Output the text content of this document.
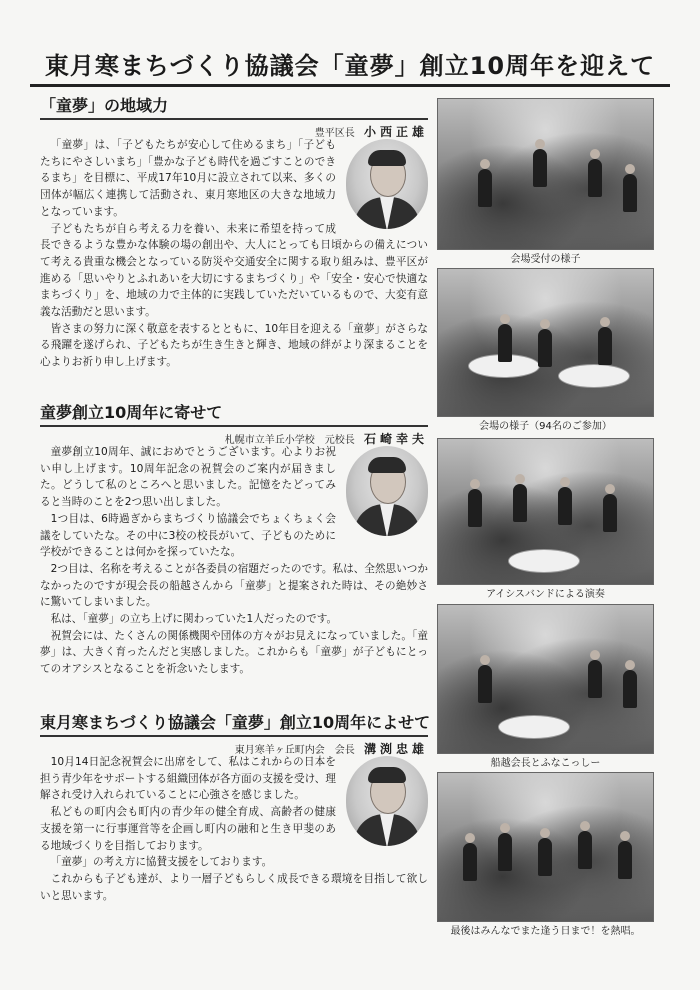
東月寒まちづくり協議会「童夢」創立10周年を迎えて
「童夢」の地域力
豊平区長 小西正雄

「童夢」は、「子どもたちが安心して住めるまち」「子どもたちにやさしいまち」「豊かな子ども時代を過ごすことのできるまち」を目標に、平成17年10月に設立されて以来、多くの団体が幅広く連携して活動され、東月寒地区の大きな地域力となっています。

子どもたちが自ら考える力を養い、未来に希望を持って成長できるような豊かな体験の場の創出や、大人にとっても日頃からの備えについて考える貴重な機会となっている防災や交通安全に関する取り組みは、豊平区が進める「思いやりとふれあいを大切にするまちづくり」や「安全・安心で快適なまちづくり」を、地域の力で主体的に実践していただいているもので、大変有意義な活動だと思います。

皆さまの努力に深く敬意を表するとともに、10年目を迎える「童夢」がさらなる飛躍を遂げられ、子どもたちが生き生きと輝き、地域の絆がより深まることを心よりお祈り申し上げます。

童夢創立10周年に寄せて
札幌市立羊丘小学校　元校長 石崎幸夫

童夢創立10周年、誠におめでとうございます。心よりお祝い申し上げます。10周年記念の祝賀会のご案内が届きました。どうして私のところへと思いました。記憶をたどってみると当時のことを2つ思い出しました。

1つ目は、6時過ぎからまちづくり協議会でちょくちょく会議をしていたな。その中に3校の校長がいて、子どものために学校ができることは何かを探っていたな。

2つ目は、名称を考えることが各委員の宿題だったのです。私は、全然思いつかなかったのですが現会長の船越さんから「童夢」と提案された時は、その絶妙さに驚いてしまいました。

私は、「童夢」の立ち上げに関わっていた1人だったのです。

祝賀会には、たくさんの関係機関や団体の方々がお見えになっていました。「童夢」は、大きく育ったんだと実感しました。これからも「童夢」が子どもにとってのオアシスとなることを祈念いたします。

東月寒まちづくり協議会「童夢」創立10周年によせて
東月寒羊ヶ丘町内会　会長 溝渕忠雄

10月14日記念祝賀会に出席をして、私はこれからの日本を担う青少年をサポートする組織団体が各方面の支援を受け、理解され受け入れられていることに心強さを感じました。

私どもの町内会も町内の青少年の健全育成、高齢者の健康支援を第一に行事運営等を企画し町内の融和と生き甲斐のある地域づくりを目指しております。

「童夢」の考え方に協賛支援をしております。

これからも子ども達が、より一層子どもらしく成長できる環境を目指して欲しいと思います。

会場受付の様子
会場の様子（94名のご参加）
アイシスバンドによる演奏
船越会長とふなこっしー
最後はみんなでまた逢う日まで！を熱唱。
